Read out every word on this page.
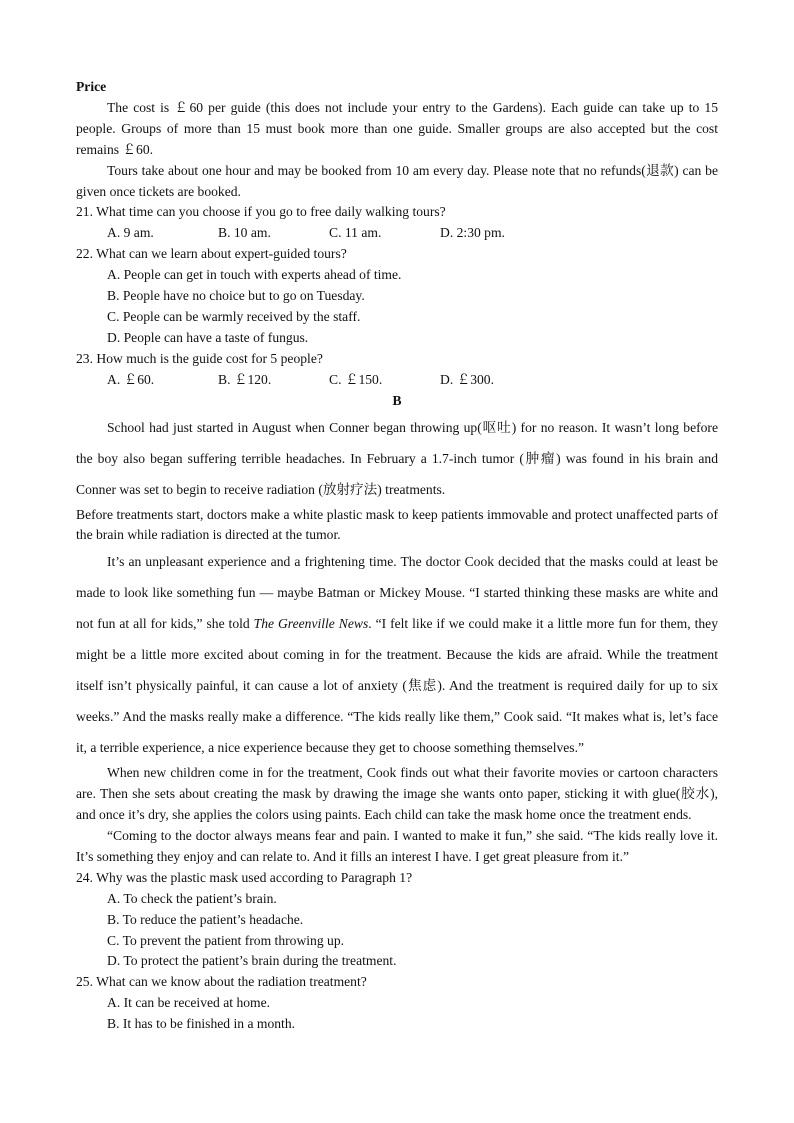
Price

The cost is ￡60 per guide (this does not include your entry to the Gardens). Each guide can take up to 15 people. Groups of more than 15 must book more than one guide. Smaller groups are also accepted but the cost remains ￡60.

Tours take about one hour and may be booked from 10 am every day. Please note that no refunds(退款) can be given once tickets are booked.

21. What time can you choose if you go to free daily walking tours?

A. 9 am.	B. 10 am.	C. 11 am.	D. 2:30 pm.

22. What can we learn about expert-guided tours?

A. People can get in touch with experts ahead of time.
B. People have no choice but to go on Tuesday.
C. People can be warmly received by the staff.
D. People can have a taste of fungus.

23. How much is the guide cost for 5 people?

A. ￡60.	B. ￡120.	C. ￡150.	D. ￡300.
B

School had just started in August when Conner began throwing up(呕吐) for no reason. It wasn’t long before the boy also began suffering terrible headaches. In February a 1.7-inch tumor (肿瘤) was found in his brain and Conner was set to begin to receive radiation (放射疗法) treatments.

Before treatments start, doctors make a white plastic mask to keep patients immovable and protect unaffected parts of the brain while radiation is directed at the tumor.

It’s an unpleasant experience and a frightening time. The doctor Cook decided that the masks could at least be made to look like something fun — maybe Batman or Mickey Mouse. “I started thinking these masks are white and not fun at all for kids,” she told The Greenville News. “I felt like if we could make it a little more fun for them, they might be a little more excited about coming in for the treatment. Because the kids are afraid. While the treatment itself isn’t physically painful, it can cause a lot of anxiety (焦虑). And the treatment is required daily for up to six weeks.” And the masks really make a difference. “The kids really like them,” Cook said. “It makes what is, let’s face it, a terrible experience, a nice experience because they get to choose something themselves.”

When new children come in for the treatment, Cook finds out what their favorite movies or cartoon characters are. Then she sets about creating the mask by drawing the image she wants onto paper, sticking it with glue(胶水), and once it’s dry, she applies the colors using paints. Each child can take the mask home once the treatment ends.

“Coming to the doctor always means fear and pain. I wanted to make it fun,” she said. “The kids really love it. It’s something they enjoy and can relate to. And it fills an interest I have. I get great pleasure from it.”

24. Why was the plastic mask used according to Paragraph 1?

A. To check the patient’s brain.
B. To reduce the patient’s headache.
C. To prevent the patient from throwing up.
D. To protect the patient’s brain during the treatment.

25. What can we know about the radiation treatment?

A. It can be received at home.
B. It has to be finished in a month.
